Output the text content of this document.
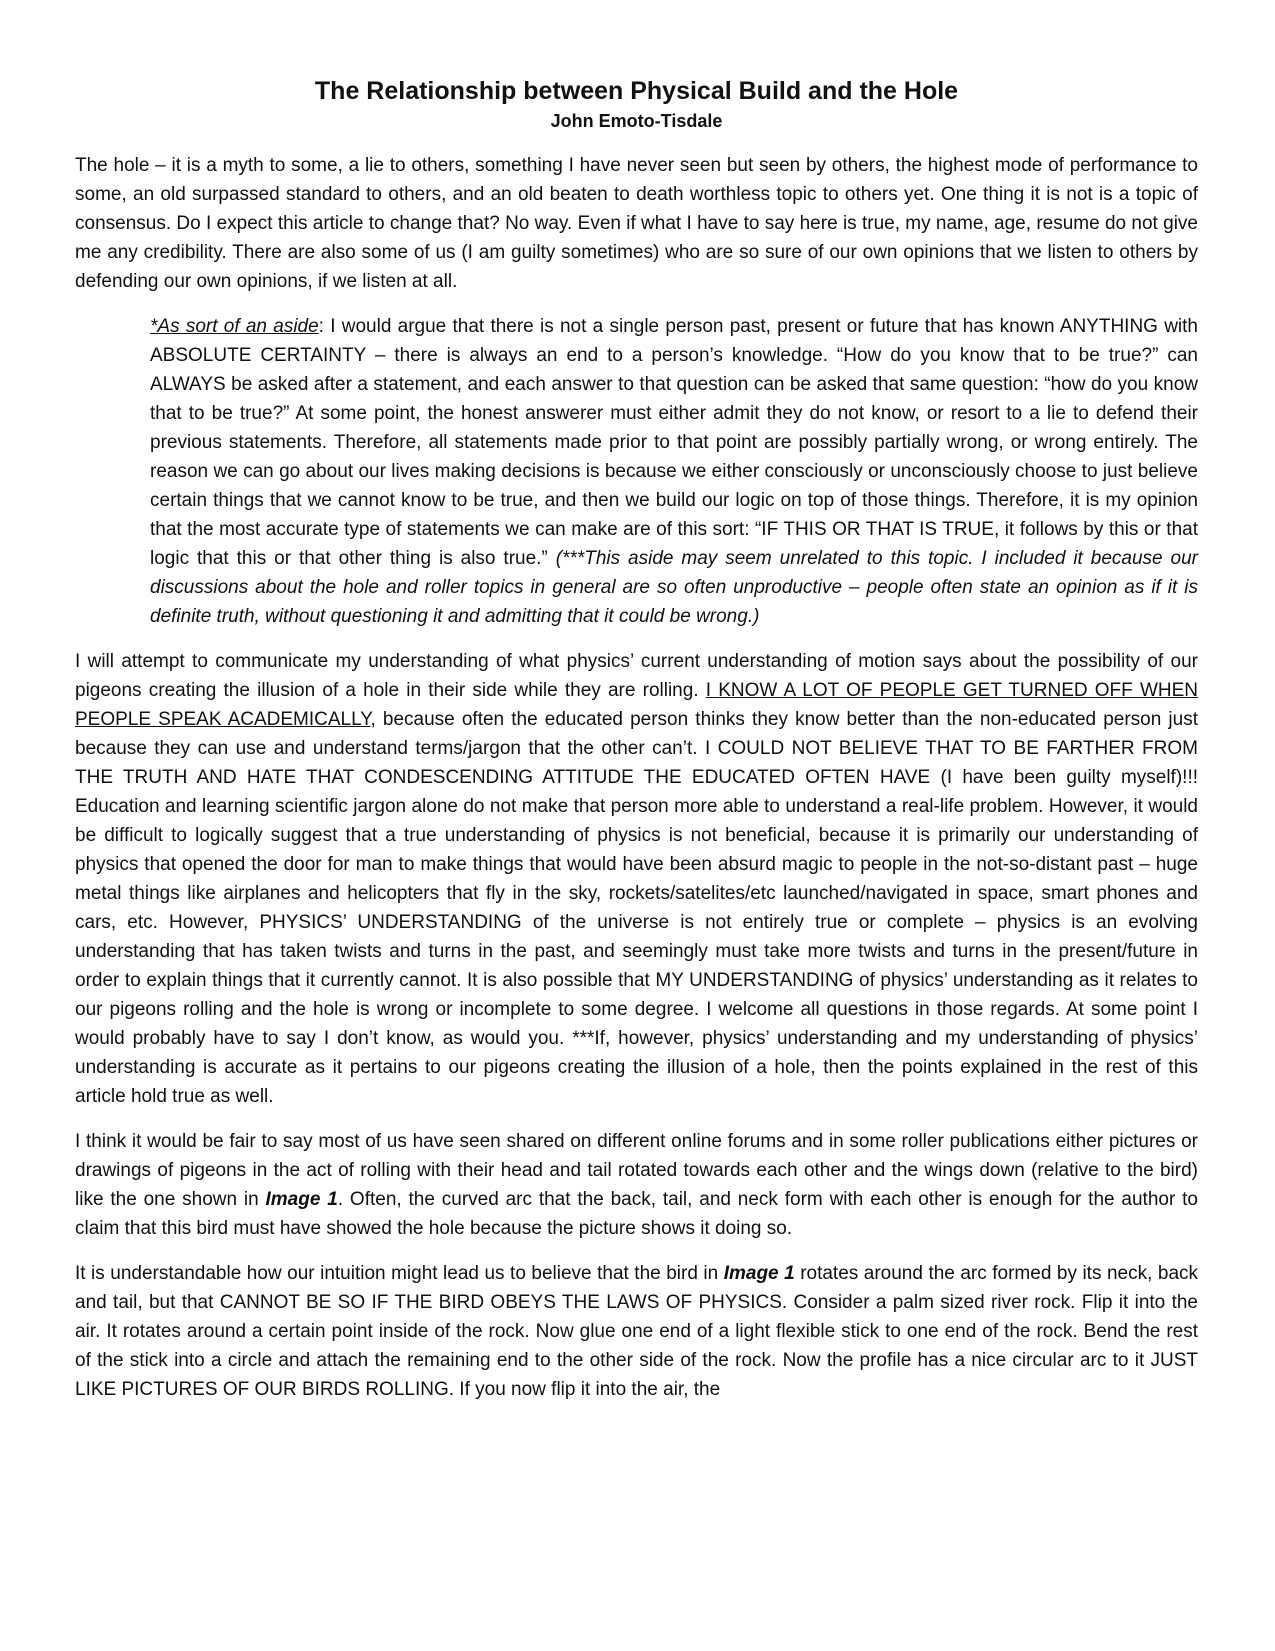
The Relationship between Physical Build and the Hole
John Emoto-Tisdale

The hole – it is a myth to some, a lie to others, something I have never seen but seen by others, the highest mode of performance to some, an old surpassed standard to others, and an old beaten to death worthless topic to others yet. One thing it is not is a topic of consensus. Do I expect this article to change that? No way. Even if what I have to say here is true, my name, age, resume do not give me any credibility. There are also some of us (I am guilty sometimes) who are so sure of our own opinions that we listen to others by defending our own opinions, if we listen at all.

*As sort of an aside: I would argue that there is not a single person past, present or future that has known ANYTHING with ABSOLUTE CERTAINTY – there is always an end to a person’s knowledge. “How do you know that to be true?” can ALWAYS be asked after a statement, and each answer to that question can be asked that same question: “how do you know that to be true?” At some point, the honest answerer must either admit they do not know, or resort to a lie to defend their previous statements. Therefore, all statements made prior to that point are possibly partially wrong, or wrong entirely. The reason we can go about our lives making decisions is because we either consciously or unconsciously choose to just believe certain things that we cannot know to be true, and then we build our logic on top of those things. Therefore, it is my opinion that the most accurate type of statements we can make are of this sort: “IF THIS OR THAT IS TRUE, it follows by this or that logic that this or that other thing is also true.” (***This aside may seem unrelated to this topic. I included it because our discussions about the hole and roller topics in general are so often unproductive – people often state an opinion as if it is definite truth, without questioning it and admitting that it could be wrong.)

I will attempt to communicate my understanding of what physics’ current understanding of motion says about the possibility of our pigeons creating the illusion of a hole in their side while they are rolling. I KNOW A LOT OF PEOPLE GET TURNED OFF WHEN PEOPLE SPEAK ACADEMICALLY, because often the educated person thinks they know better than the non-educated person just because they can use and understand terms/jargon that the other can’t. I COULD NOT BELIEVE THAT TO BE FARTHER FROM THE TRUTH AND HATE THAT CONDESCENDING ATTITUDE THE EDUCATED OFTEN HAVE (I have been guilty myself)!!! Education and learning scientific jargon alone do not make that person more able to understand a real-life problem. However, it would be difficult to logically suggest that a true understanding of physics is not beneficial, because it is primarily our understanding of physics that opened the door for man to make things that would have been absurd magic to people in the not-so-distant past – huge metal things like airplanes and helicopters that fly in the sky, rockets/satelites/etc launched/navigated in space, smart phones and cars, etc. However, PHYSICS’ UNDERSTANDING of the universe is not entirely true or complete – physics is an evolving understanding that has taken twists and turns in the past, and seemingly must take more twists and turns in the present/future in order to explain things that it currently cannot. It is also possible that MY UNDERSTANDING of physics’ understanding as it relates to our pigeons rolling and the hole is wrong or incomplete to some degree. I welcome all questions in those regards. At some point I would probably have to say I don’t know, as would you. ***If, however, physics’ understanding and my understanding of physics’ understanding is accurate as it pertains to our pigeons creating the illusion of a hole, then the points explained in the rest of this article hold true as well.

I think it would be fair to say most of us have seen shared on different online forums and in some roller publications either pictures or drawings of pigeons in the act of rolling with their head and tail rotated towards each other and the wings down (relative to the bird) like the one shown in Image 1. Often, the curved arc that the back, tail, and neck form with each other is enough for the author to claim that this bird must have showed the hole because the picture shows it doing so.

It is understandable how our intuition might lead us to believe that the bird in Image 1 rotates around the arc formed by its neck, back and tail, but that CANNOT BE SO IF THE BIRD OBEYS THE LAWS OF PHYSICS. Consider a palm sized river rock. Flip it into the air. It rotates around a certain point inside of the rock. Now glue one end of a light flexible stick to one end of the rock. Bend the rest of the stick into a circle and attach the remaining end to the other side of the rock. Now the profile has a nice circular arc to it JUST LIKE PICTURES OF OUR BIRDS ROLLING. If you now flip it into the air, the
